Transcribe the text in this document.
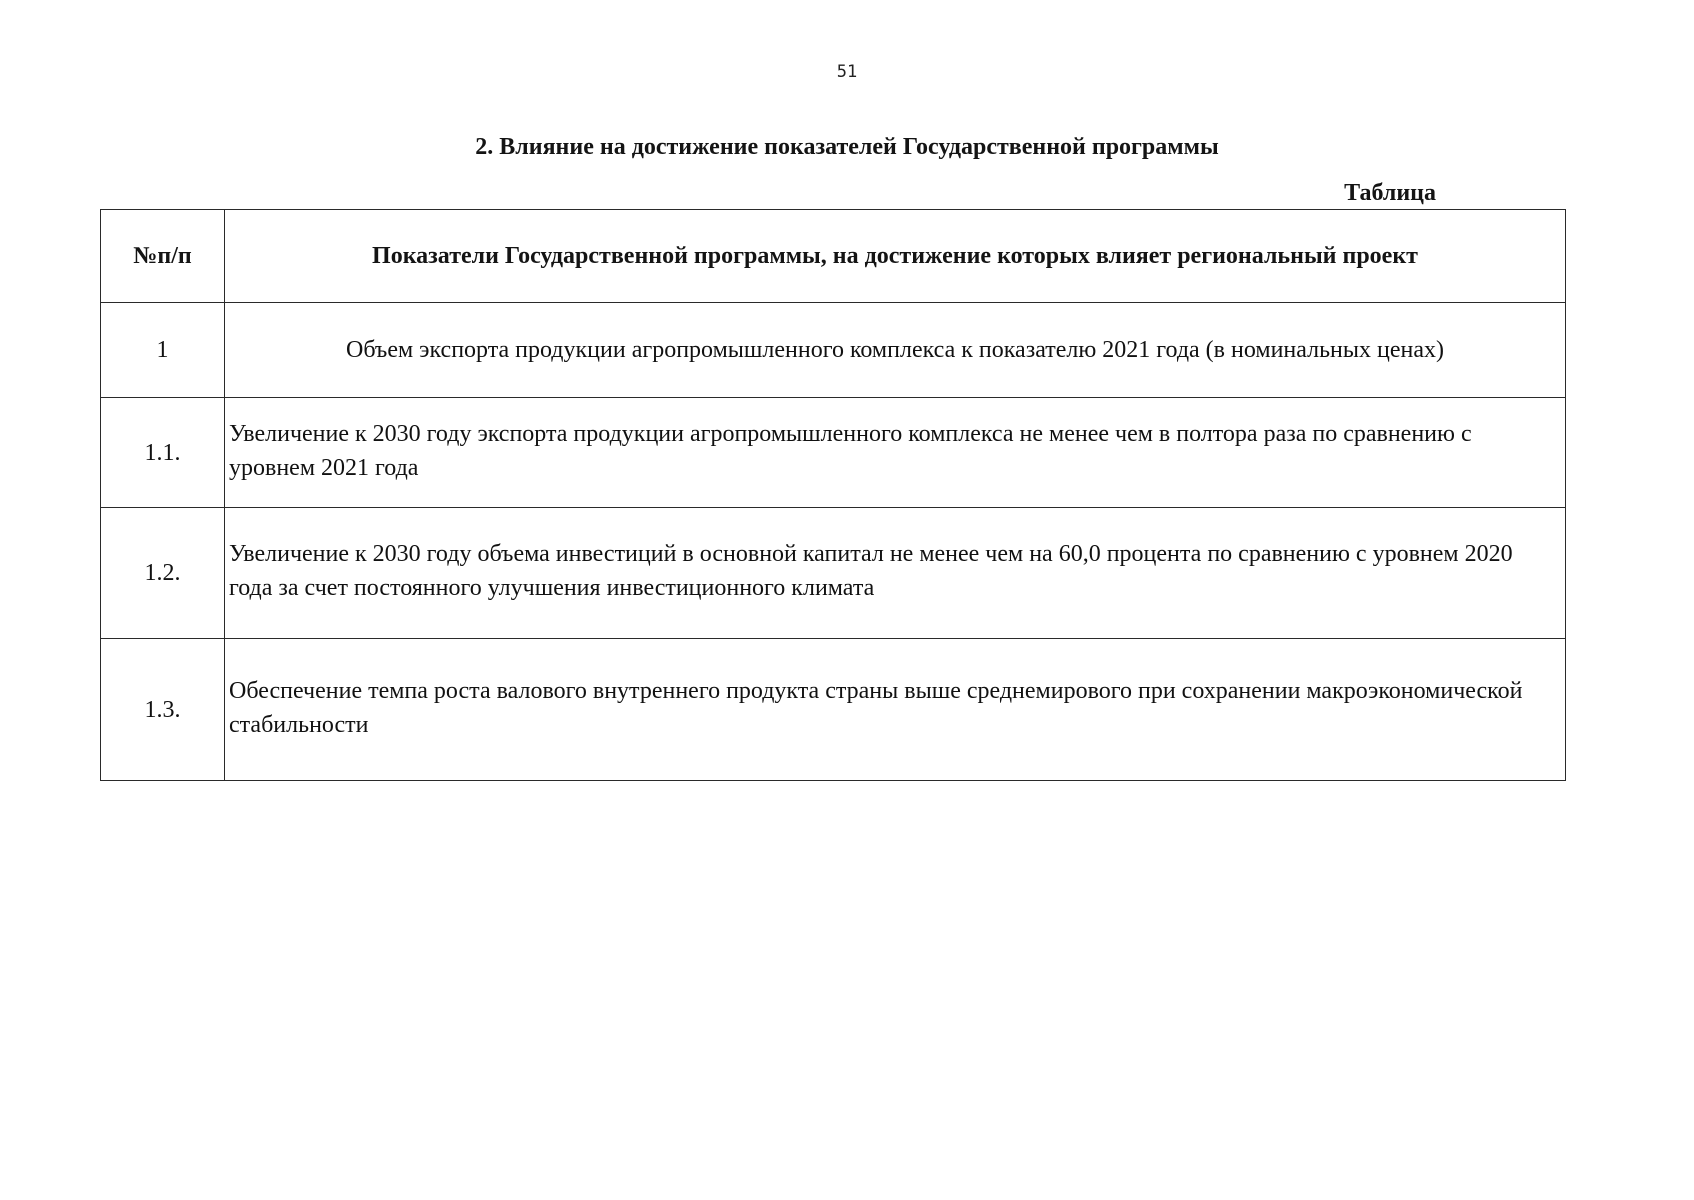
51
2. Влияние на достижение показателей Государственной программы
Таблица
№п/п	Показатели Государственной программы, на достижение которых влияет региональный проект
1	Объем экспорта продукции агропромышленного комплекса к показателю 2021 года (в номинальных ценах)
1.1.	Увеличение к 2030 году экспорта продукции агропромышленного комплекса не менее чем в полтора раза по сравнению с уровнем 2021 года
1.2.	Увеличение к 2030 году объема инвестиций в основной капитал не менее чем на 60,0 процента по сравнению с уровнем 2020 года за счет постоянного улучшения инвестиционного климата
1.3.	Обеспечение темпа роста валового внутреннего продукта страны выше среднемирового при сохранении макроэкономической стабильности
